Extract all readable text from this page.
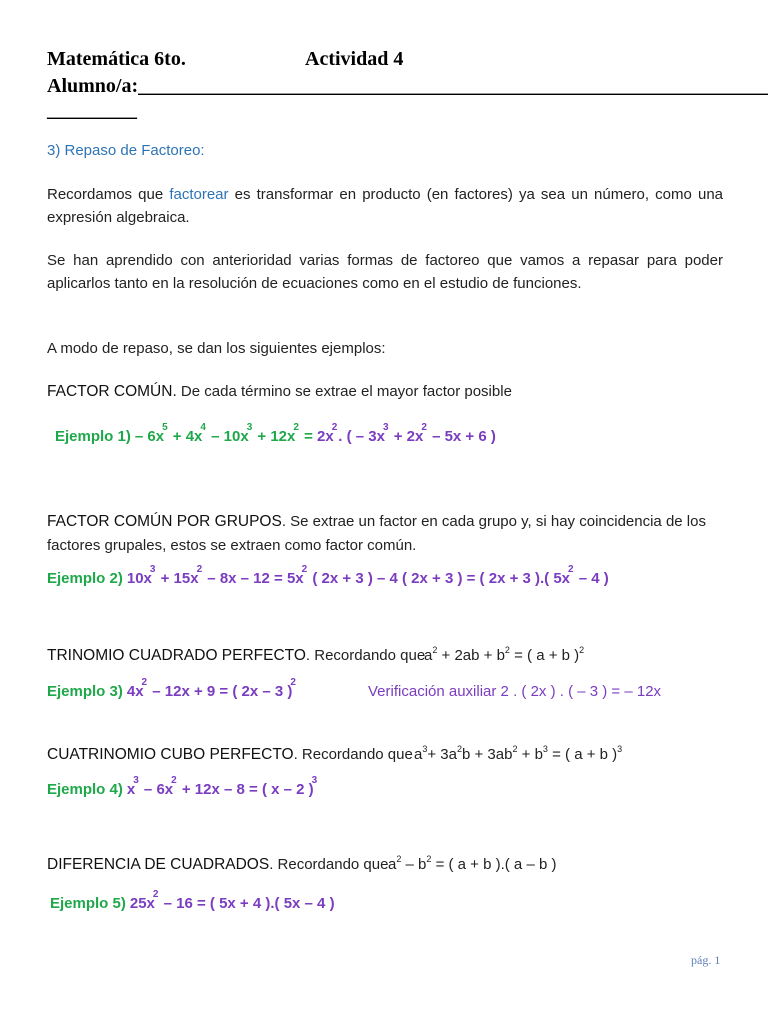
Matemática 6to.	Actividad 4
Alumno/a:_______________________________________________________________
_________
3) Repaso de Factoreo:
Recordamos que factorear es transformar en producto (en factores) ya sea un número, como una expresión algebraica.
Se han aprendido con anterioridad varias formas de factoreo que vamos a repasar para poder aplicarlos tanto en la resolución de ecuaciones como en el estudio de funciones.
A modo de repaso, se dan los siguientes ejemplos:
FACTOR COMÚN. De cada término se extrae el mayor factor posible
Ejemplo $1) - 6x^5 + 4x^4 - 10x^3 + 12x^2 = 2x^2$. ( – $3x^3 + 2x^2 - 5x + 6$ )
FACTOR COMÚN POR GRUPOS. Se extrae un factor en cada grupo y, si hay coincidencia de los
factores grupales, estos se extraen como factor común.
Ejemplo 2) $10x^3 + 15x^2 - 8x - 12 = 5x^2$ ( 2x + 3 ) – 4 ( 2x + 3 ) = ( 2x + 3 ).( $5x^2 - 4$ )
TRINOMIO CUADRADO PERFECTO. Recordando que
$a^2 + 2ab + b^2$ = ( a + b )$^2$
Ejemplo 3) $4x^2 - 12x + 9$ = ( 2x – 3 )$^2$
Verificación auxiliar 2 . ( 2x ) . ( – 3 ) = – 12x
CUATRINOMIO CUBO PERFECTO. Recordando que $a^3+ 3a^2b + 3ab^2 + b^3$ = ( a + b )$^3$
Ejemplo 4) $x^3 - 6x^2 + 12x - 8$ = ( x – 2 )$^3$
DIFERENCIA DE CUADRADOS. Recordando que $a^2 - b^2$ = ( a + b ).( a – b )
Ejemplo 5) $25x^2 - 16$ = ( 5x + 4 ).( 5x – 4 )
pág. 1
